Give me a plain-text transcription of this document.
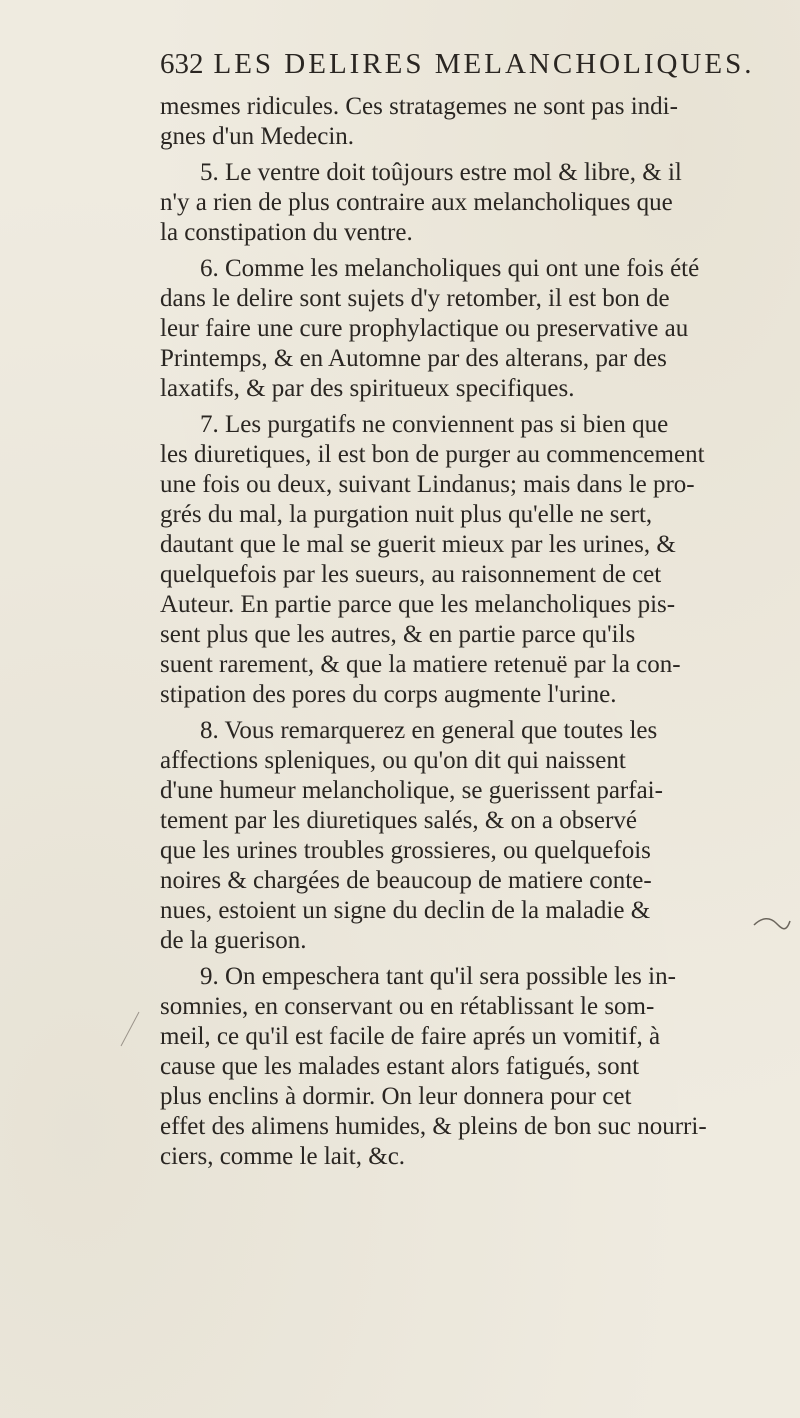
632 LES DELIRES MELANCHOLIQUES.
mesmes ridicules. Ces stratagemes ne sont pas indi-
gnes d'un Medecin.
5. Le ventre doit toûjours estre mol & libre, & il
n'y a rien de plus contraire aux melancholiques que
la constipation du ventre.
6. Comme les melancholiques qui ont une fois été
dans le delire sont sujets d'y retomber, il est bon de
leur faire une cure prophylactique ou preservative au
Printemps, & en Automne par des alterans, par des
laxatifs, & par des spiritueux specifiques.
7. Les purgatifs ne conviennent pas si bien que
les diuretiques, il est bon de purger au commencement
une fois ou deux, suivant Lindanus; mais dans le pro-
grés du mal, la purgation nuit plus qu'elle ne sert,
dautant que le mal se guerit mieux par les urines, &
quelquefois par les sueurs, au raisonnement de cet
Auteur. En partie parce que les melancholiques pis-
sent plus que les autres, & en partie parce qu'ils
suent rarement, & que la matiere retenuë par la con-
stipation des pores du corps augmente l'urine.
8. Vous remarquerez en general que toutes les
affections spleniques, ou qu'on dit qui naissent
d'une humeur melancholique, se guerissent parfai-
tement par les diuretiques salés, & on a observé
que les urines troubles grossieres, ou quelquefois
noires & chargées de beaucoup de matiere conte-
nues, estoient un signe du declin de la maladie &
de la guerison.
9. On empeschera tant qu'il sera possible les in-
somnies, en conservant ou en rétablissant le som-
meil, ce qu'il est facile de faire aprés un vomitif, à
cause que les malades estant alors fatigués, sont
plus enclins à dormir. On leur donnera pour cet
effet des alimens humides, & pleins de bon suc nourri-
ciers, comme le lait, &c.
